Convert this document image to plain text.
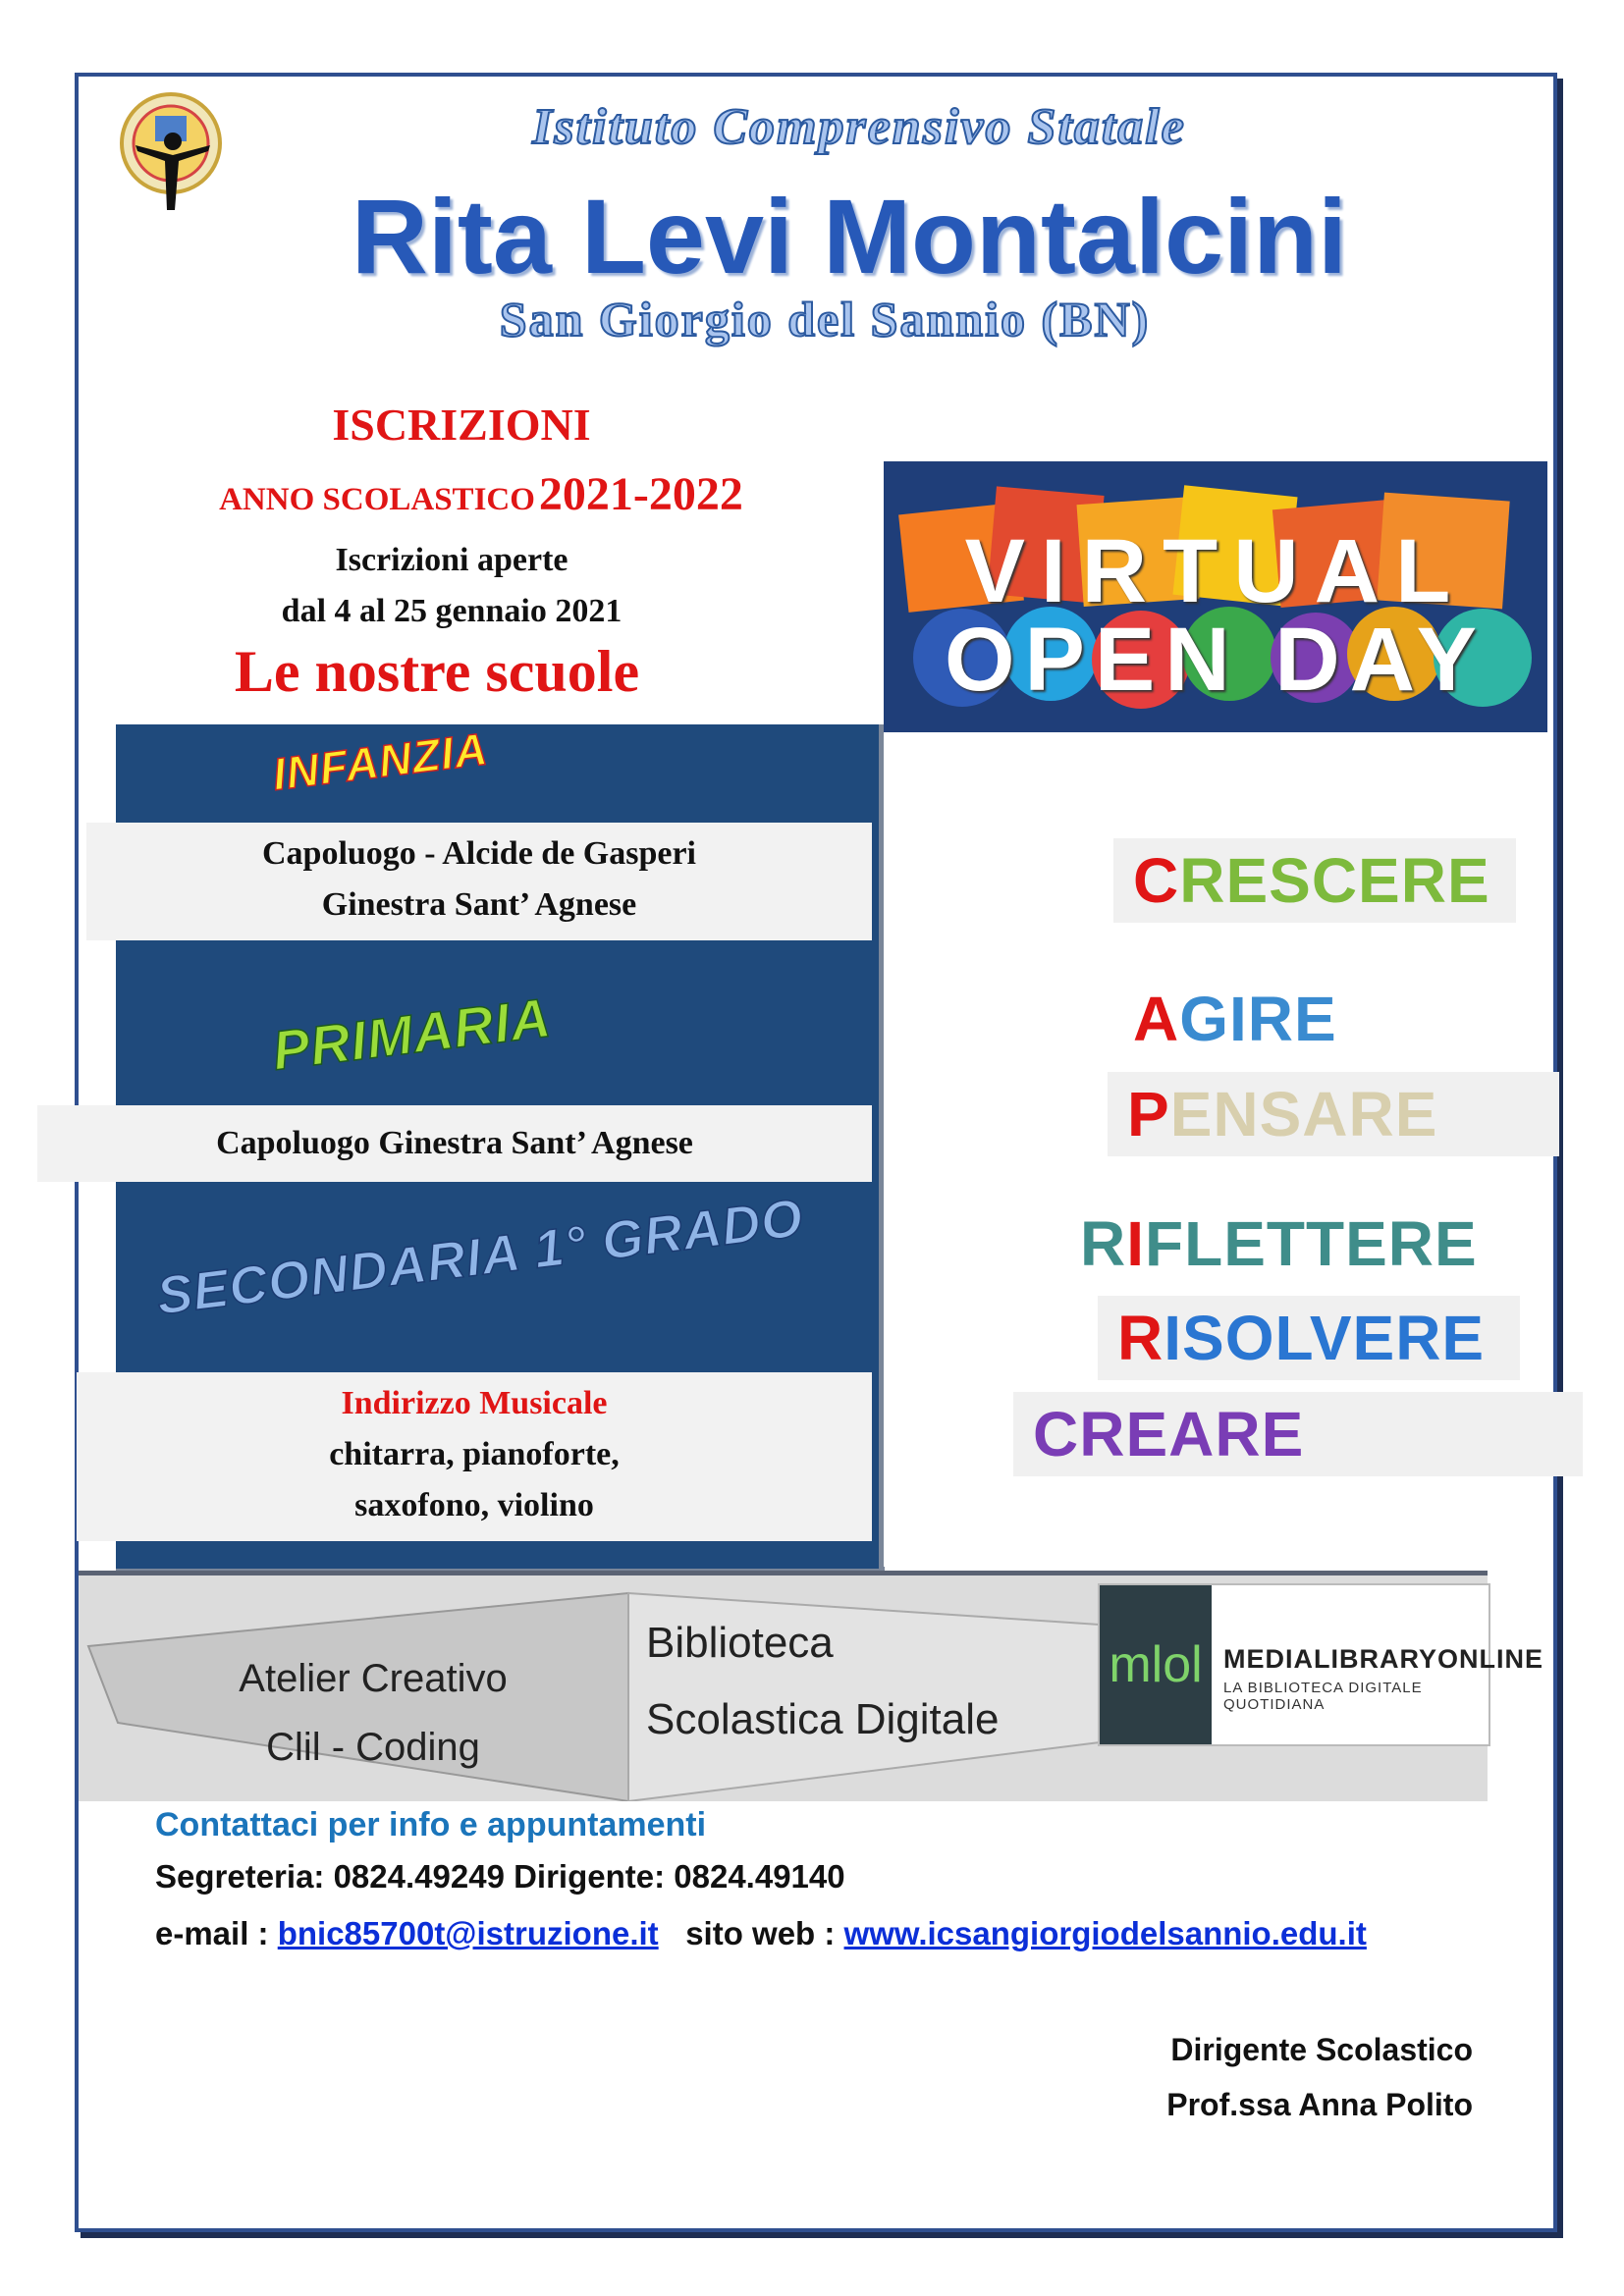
Istituto Comprensivo Statale
Rita Levi Montalcini
San Giorgio del Sannio (BN)
ISCRIZIONI
ANNO SCOLASTICO 2021-2022
Iscrizioni aperte
dal 4 al 25 gennaio 2021
Le nostre scuole
INFANZIA
Capoluogo - Alcide de Gasperi
Ginestra Sant’ Agnese
PRIMARIA
Capoluogo Ginestra Sant’ Agnese
SECONDARIA 1° GRADO
Indirizzo Musicale
chitarra, pianoforte,
saxofono, violino
VIRTUAL
OPEN DAY
CRESCERE
AGIRE
PENSARE
RIFLETTERE
RISOLVERE
CREARE
Atelier Creativo
Clil - Coding
Biblioteca
Scolastica Digitale
mlol MEDIALIBRARYONLINE
LA BIBLIOTECA DIGITALE QUOTIDIANA
Contattaci per info e appuntamenti
Segreteria: 0824.49249 Dirigente: 0824.49140
e-mail : bnic85700t@istruzione.it sito web : www.icsangiorgiodelsannio.edu.it
Dirigente Scolastico
Prof.ssa Anna Polito
